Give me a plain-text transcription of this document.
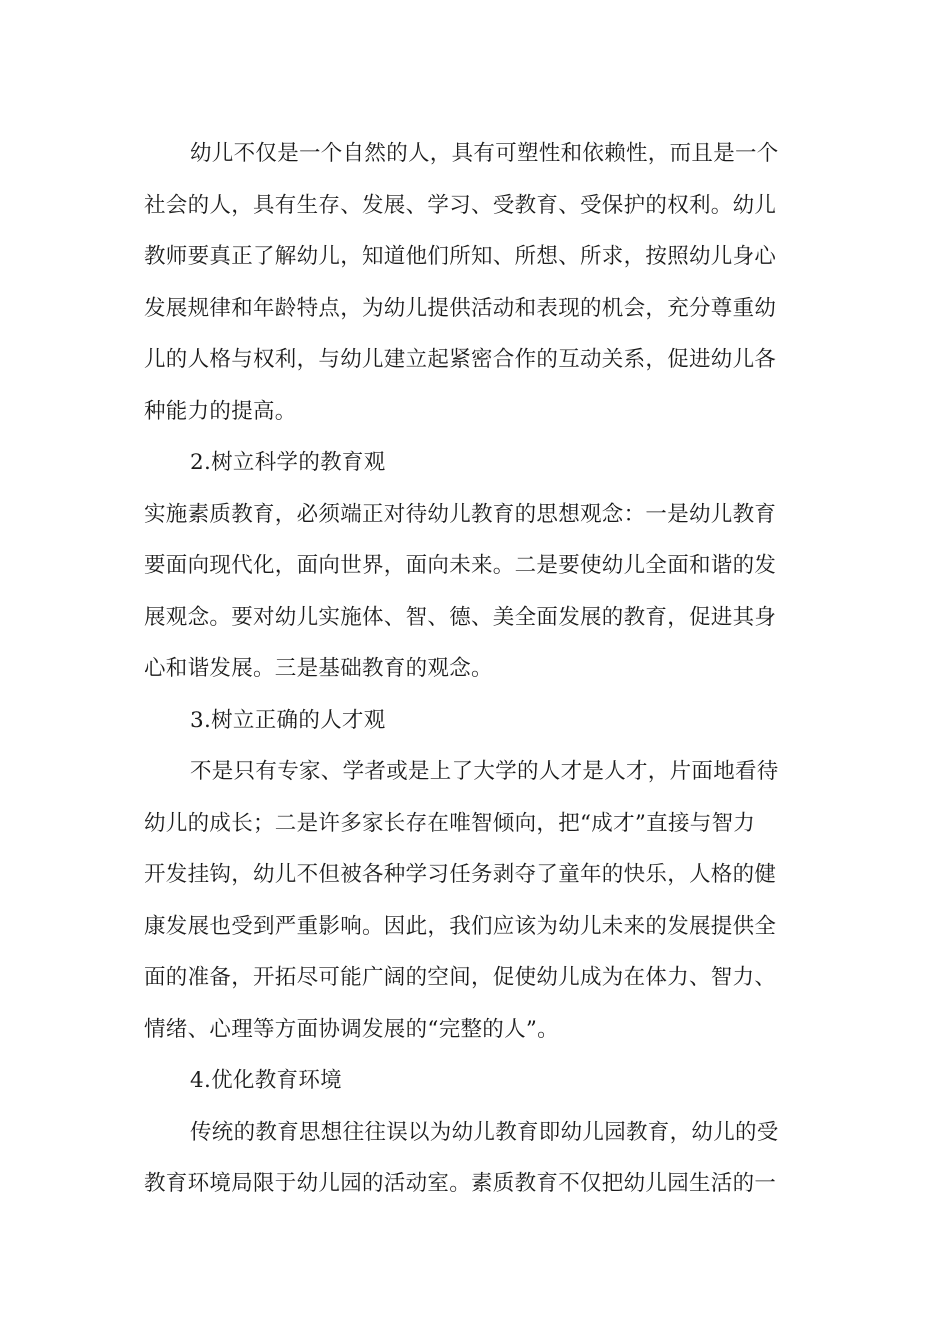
幼儿不仅是一个自然的人，具有可塑性和依赖性，而且是一个
社会的人，具有生存、发展、学习、受教育、受保护的权利。幼儿
教师要真正了解幼儿，知道他们所知、所想、所求，按照幼儿身心
发展规律和年龄特点，为幼儿提供活动和表现的机会，充分尊重幼
儿的人格与权利，与幼儿建立起紧密合作的互动关系，促进幼儿各
种能力的提高。
2.树立科学的教育观
实施素质教育，必须端正对待幼儿教育的思想观念：一是幼儿教育
要面向现代化，面向世界，面向未来。二是要使幼儿全面和谐的发
展观念。要对幼儿实施体、智、德、美全面发展的教育，促进其身
心和谐发展。三是基础教育的观念。
3.树立正确的人才观
不是只有专家、学者或是上了大学的人才是人才，片面地看待
幼儿的成长；二是许多家长存在唯智倾向，把“成才”直接与智力
开发挂钩，幼儿不但被各种学习任务剥夺了童年的快乐，人格的健
康发展也受到严重影响。因此，我们应该为幼儿未来的发展提供全
面的准备，开拓尽可能广阔的空间，促使幼儿成为在体力、智力、
情绪、心理等方面协调发展的“完整的人”。
4.优化教育环境
传统的教育思想往往误以为幼儿教育即幼儿园教育，幼儿的受
教育环境局限于幼儿园的活动室。素质教育不仅把幼儿园生活的一
